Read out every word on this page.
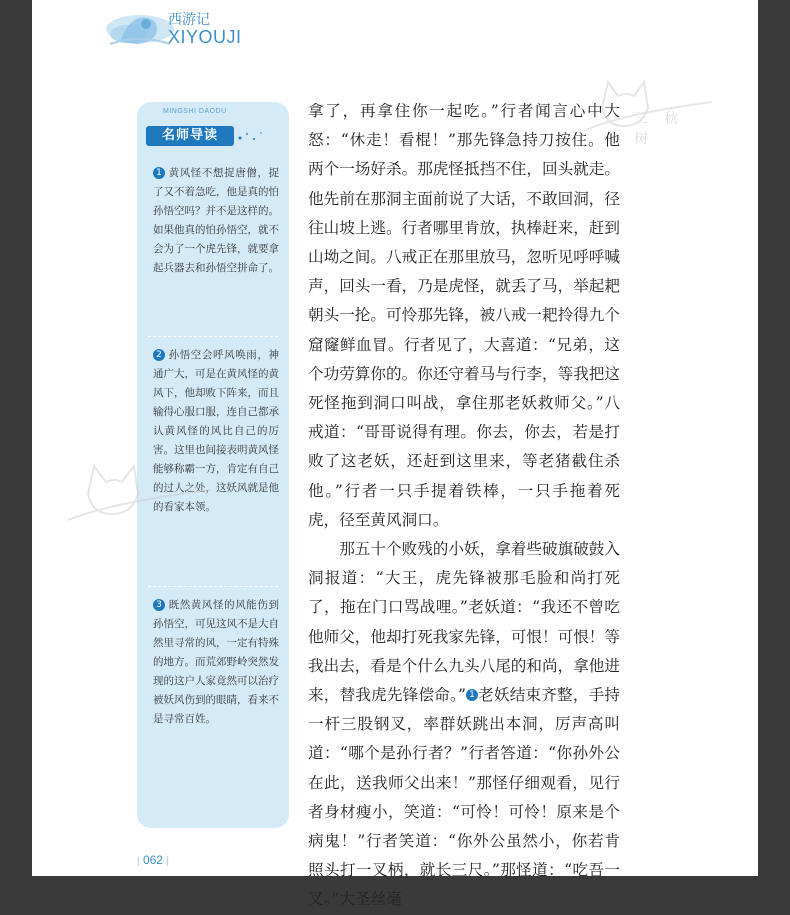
西游记
XIYOUJI
MINGSHI DAODU
名师导读
1 黄风怪不想捉唐僧，捉了又不着急吃，他是真的怕孙悟空吗？并不是这样的。如果他真的怕孙悟空，就不会为了一个虎先锋，就要拿起兵器去和孙悟空拼命了。
2 孙悟空会呼风唤雨，神通广大，可是在黄风怪的黄风下，他却败下阵来，而且输得心服口服，连自己都承认黄风怪的风比自己的厉害。这里也间接表明黄风怪能够称霸一方，肯定有自己的过人之处，这妖风就是他的看家本领。
3 既然黄风怪的风能伤到孙悟空，可见这风不是大自然里寻常的风，一定有特殊的地方。而荒郊野岭突然发现的这户人家竟然可以治疗被妖风伤到的眼睛，看来不是寻常百姓。

拿了，再拿住你一起吃。”行者闻言心中大怒：“休走！看棍！”那先锋急持刀按住。他两个一场好杀。那虎怪抵挡不住，回头就走。他先前在那洞主面前说了大话，不敢回洞，径往山坡上逃。行者哪里肯放，执棒赶来，赶到山坳之间。八戒正在那里放马，忽听见呼呼喊声，回头一看，乃是虎怪，就丢了马，举起耙朝头一抡。可怜那先锋，被八戒一耙拎得九个窟窿鲜血冒。行者见了，大喜道：“兄弟，这个功劳算你的。你还守着马与行李，等我把这死怪拖到洞口叫战，拿住那老妖救师父。”八戒道：“哥哥说得有理。你去，你去，若是打败了这老妖，还赶到这里来，等老猪截住杀他。”行者一只手提着铁棒，一只手拖着死虎，径至黄风洞口。

那五十个败残的小妖，拿着些破旗破鼓入洞报道：“大王，虎先锋被那毛脸和尚打死了，拖在门口骂战哩。”老妖道：“我还不曾吃他师父，他却打死我家先锋，可恨！可恨！等我出去，看是个什么九头八尾的和尚，拿他进来，替我虎先锋偿命。” 1 老妖结束齐整，手持一杆三股钢叉，率群妖跳出本洞，厉声高叫道：“哪个是孙行者？”行者答道：“你孙外公在此，送我师父出来！”那怪仔细观看，见行者身材瘦小，笑道：“可怜！可怜！原来是个病鬼！”行者笑道：“你外公虽然小，你若肯照头打一叉柄，就长三尺。”那怪道：“吃吾一叉。”大圣丝毫

三秋树
| 062 |
